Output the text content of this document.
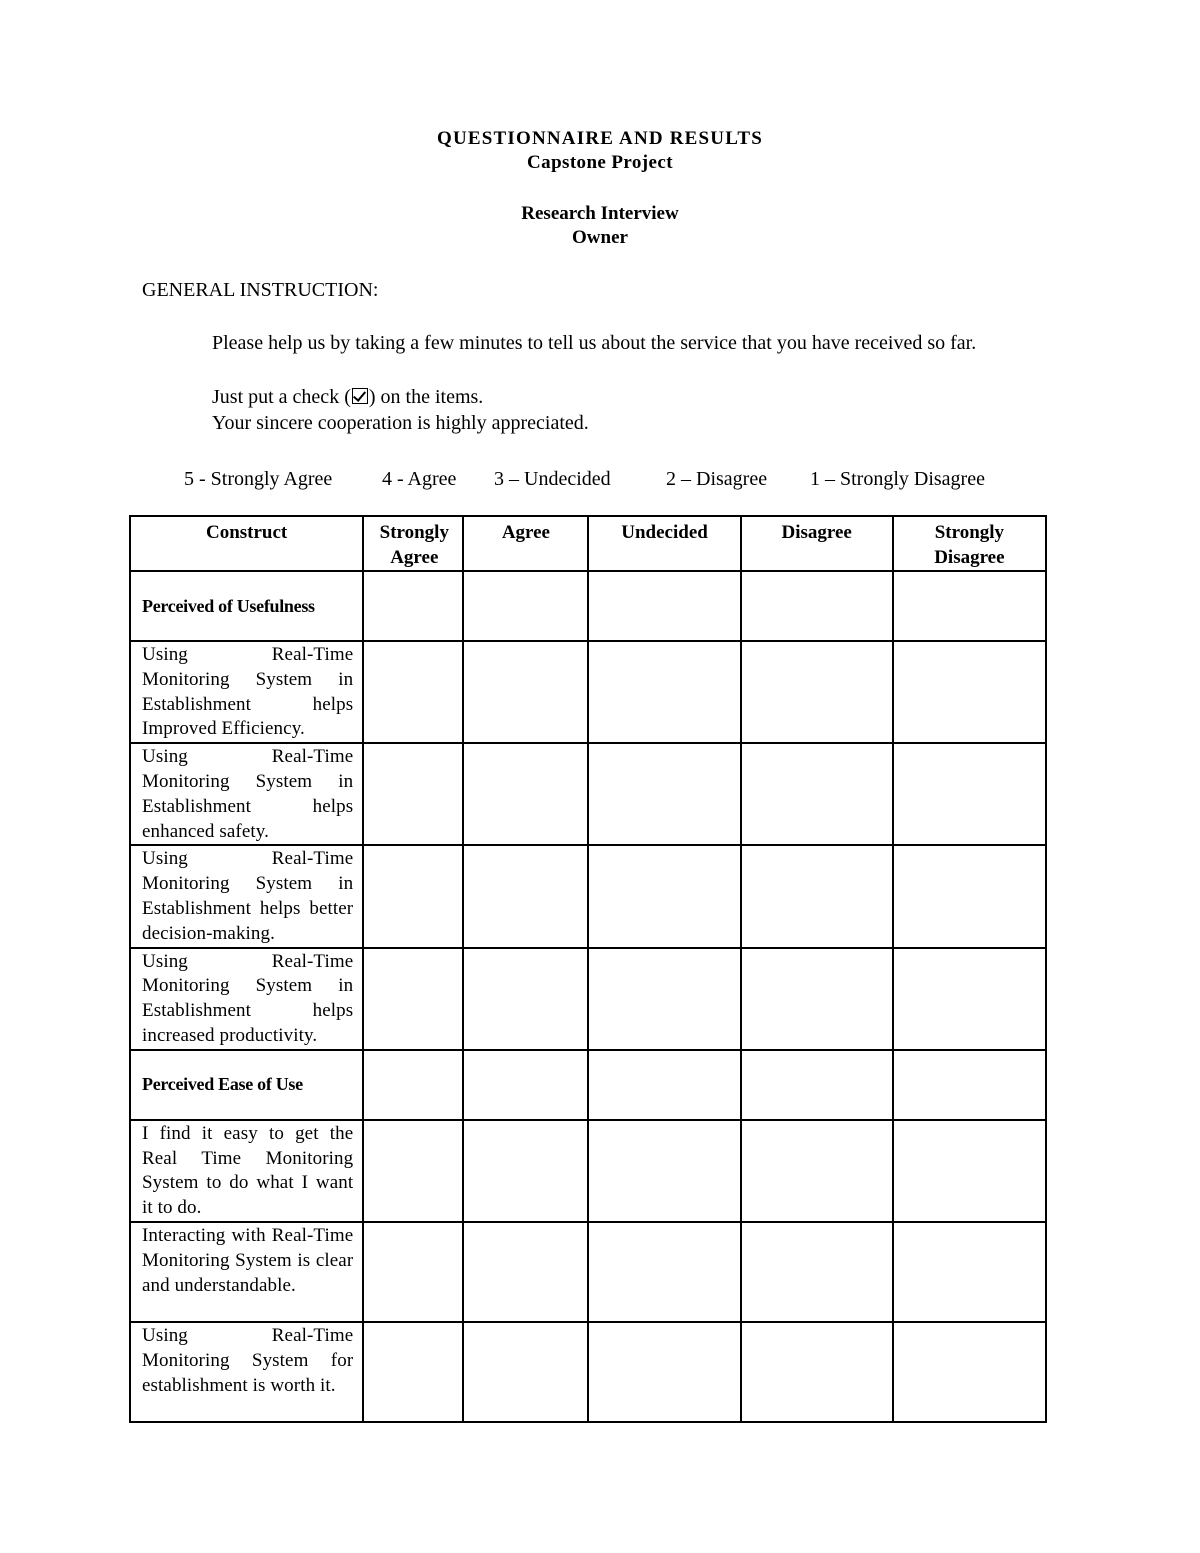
QUESTIONNAIRE AND RESULTS
Capstone Project
Research Interview
Owner
GENERAL INSTRUCTION:
Please help us by taking a few minutes to tell us about the service that you have received so far.
Just put a check ( ) on the items.
Your sincere cooperation is highly appreciated.
5 - Strongly Agree 4 - Agree 3 – Undecided	2 – Disagree 1 – Strongly Disagree
Construct	Strongly Agree	Agree	Undecided	Disagree	Strongly Disagree
Perceived of Usefulness					
Using Real-Time Monitoring System in Establishment helps Improved Efficiency.					
Using Real-Time Monitoring System in Establishment helps enhanced safety.					
Using Real-Time Monitoring System in Establishment helps better decision-making.					
Using Real-Time Monitoring System in Establishment helps increased productivity.					
Perceived Ease of Use					
I find it easy to get the Real Time Monitoring System to do what I want it to do.					
Interacting with Real-Time Monitoring System is clear and understandable.					
Using Real-Time Monitoring System for establishment is worth it.					
